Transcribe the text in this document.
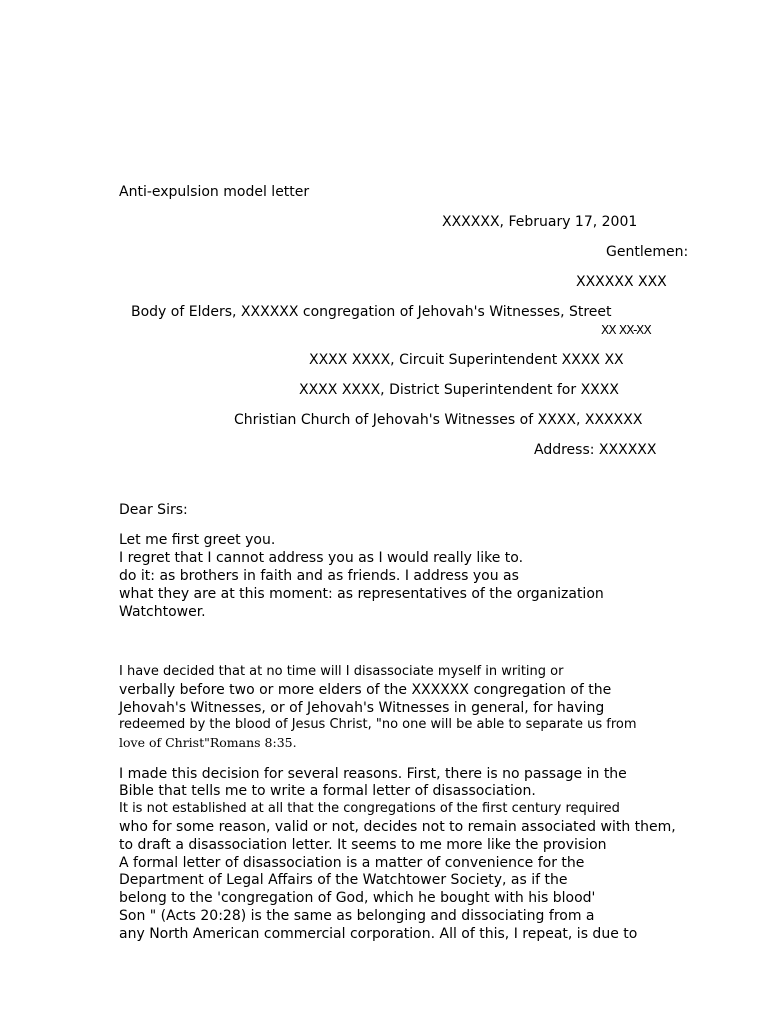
Anti-expulsion model letter
XXXXXX, February 17, 2001
Gentlemen:
XXXXXX XXX
Body of Elders, XXXXXX congregation of Jehovah's Witnesses, Street
XX XX-XX
XXXX XXXX, Circuit Superintendent XXXX XX
XXXX XXXX, District Superintendent for XXXX
Christian Church of Jehovah's Witnesses of XXXX, XXXXXX
Address: XXXXXX
Dear Sirs:
Let me first greet you.
I regret that I cannot address you as I would really like to.
do it: as brothers in faith and as friends. I address you as
what they are at this moment: as representatives of the organization
Watchtower.
I have decided that at no time will I disassociate myself in writing or
verbally before two or more elders of the XXXXXX congregation of the
Jehovah's Witnesses, or of Jehovah's Witnesses in general, for having
redeemed by the blood of Jesus Christ, "no one will be able to separate us from
love of Christ"Romans 8:35.
I made this decision for several reasons. First, there is no passage in the
Bible that tells me to write a formal letter of disassociation.
It is not established at all that the congregations of the first century required
who for some reason, valid or not, decides not to remain associated with them,
to draft a disassociation letter. It seems to me more like the provision
A formal letter of disassociation is a matter of convenience for the
Department of Legal Affairs of the Watchtower Society, as if the
belong to the 'congregation of God, which he bought with his blood'
Son " (Acts 20:28) is the same as belonging and dissociating from a
any North American commercial corporation. All of this, I repeat, is due to
